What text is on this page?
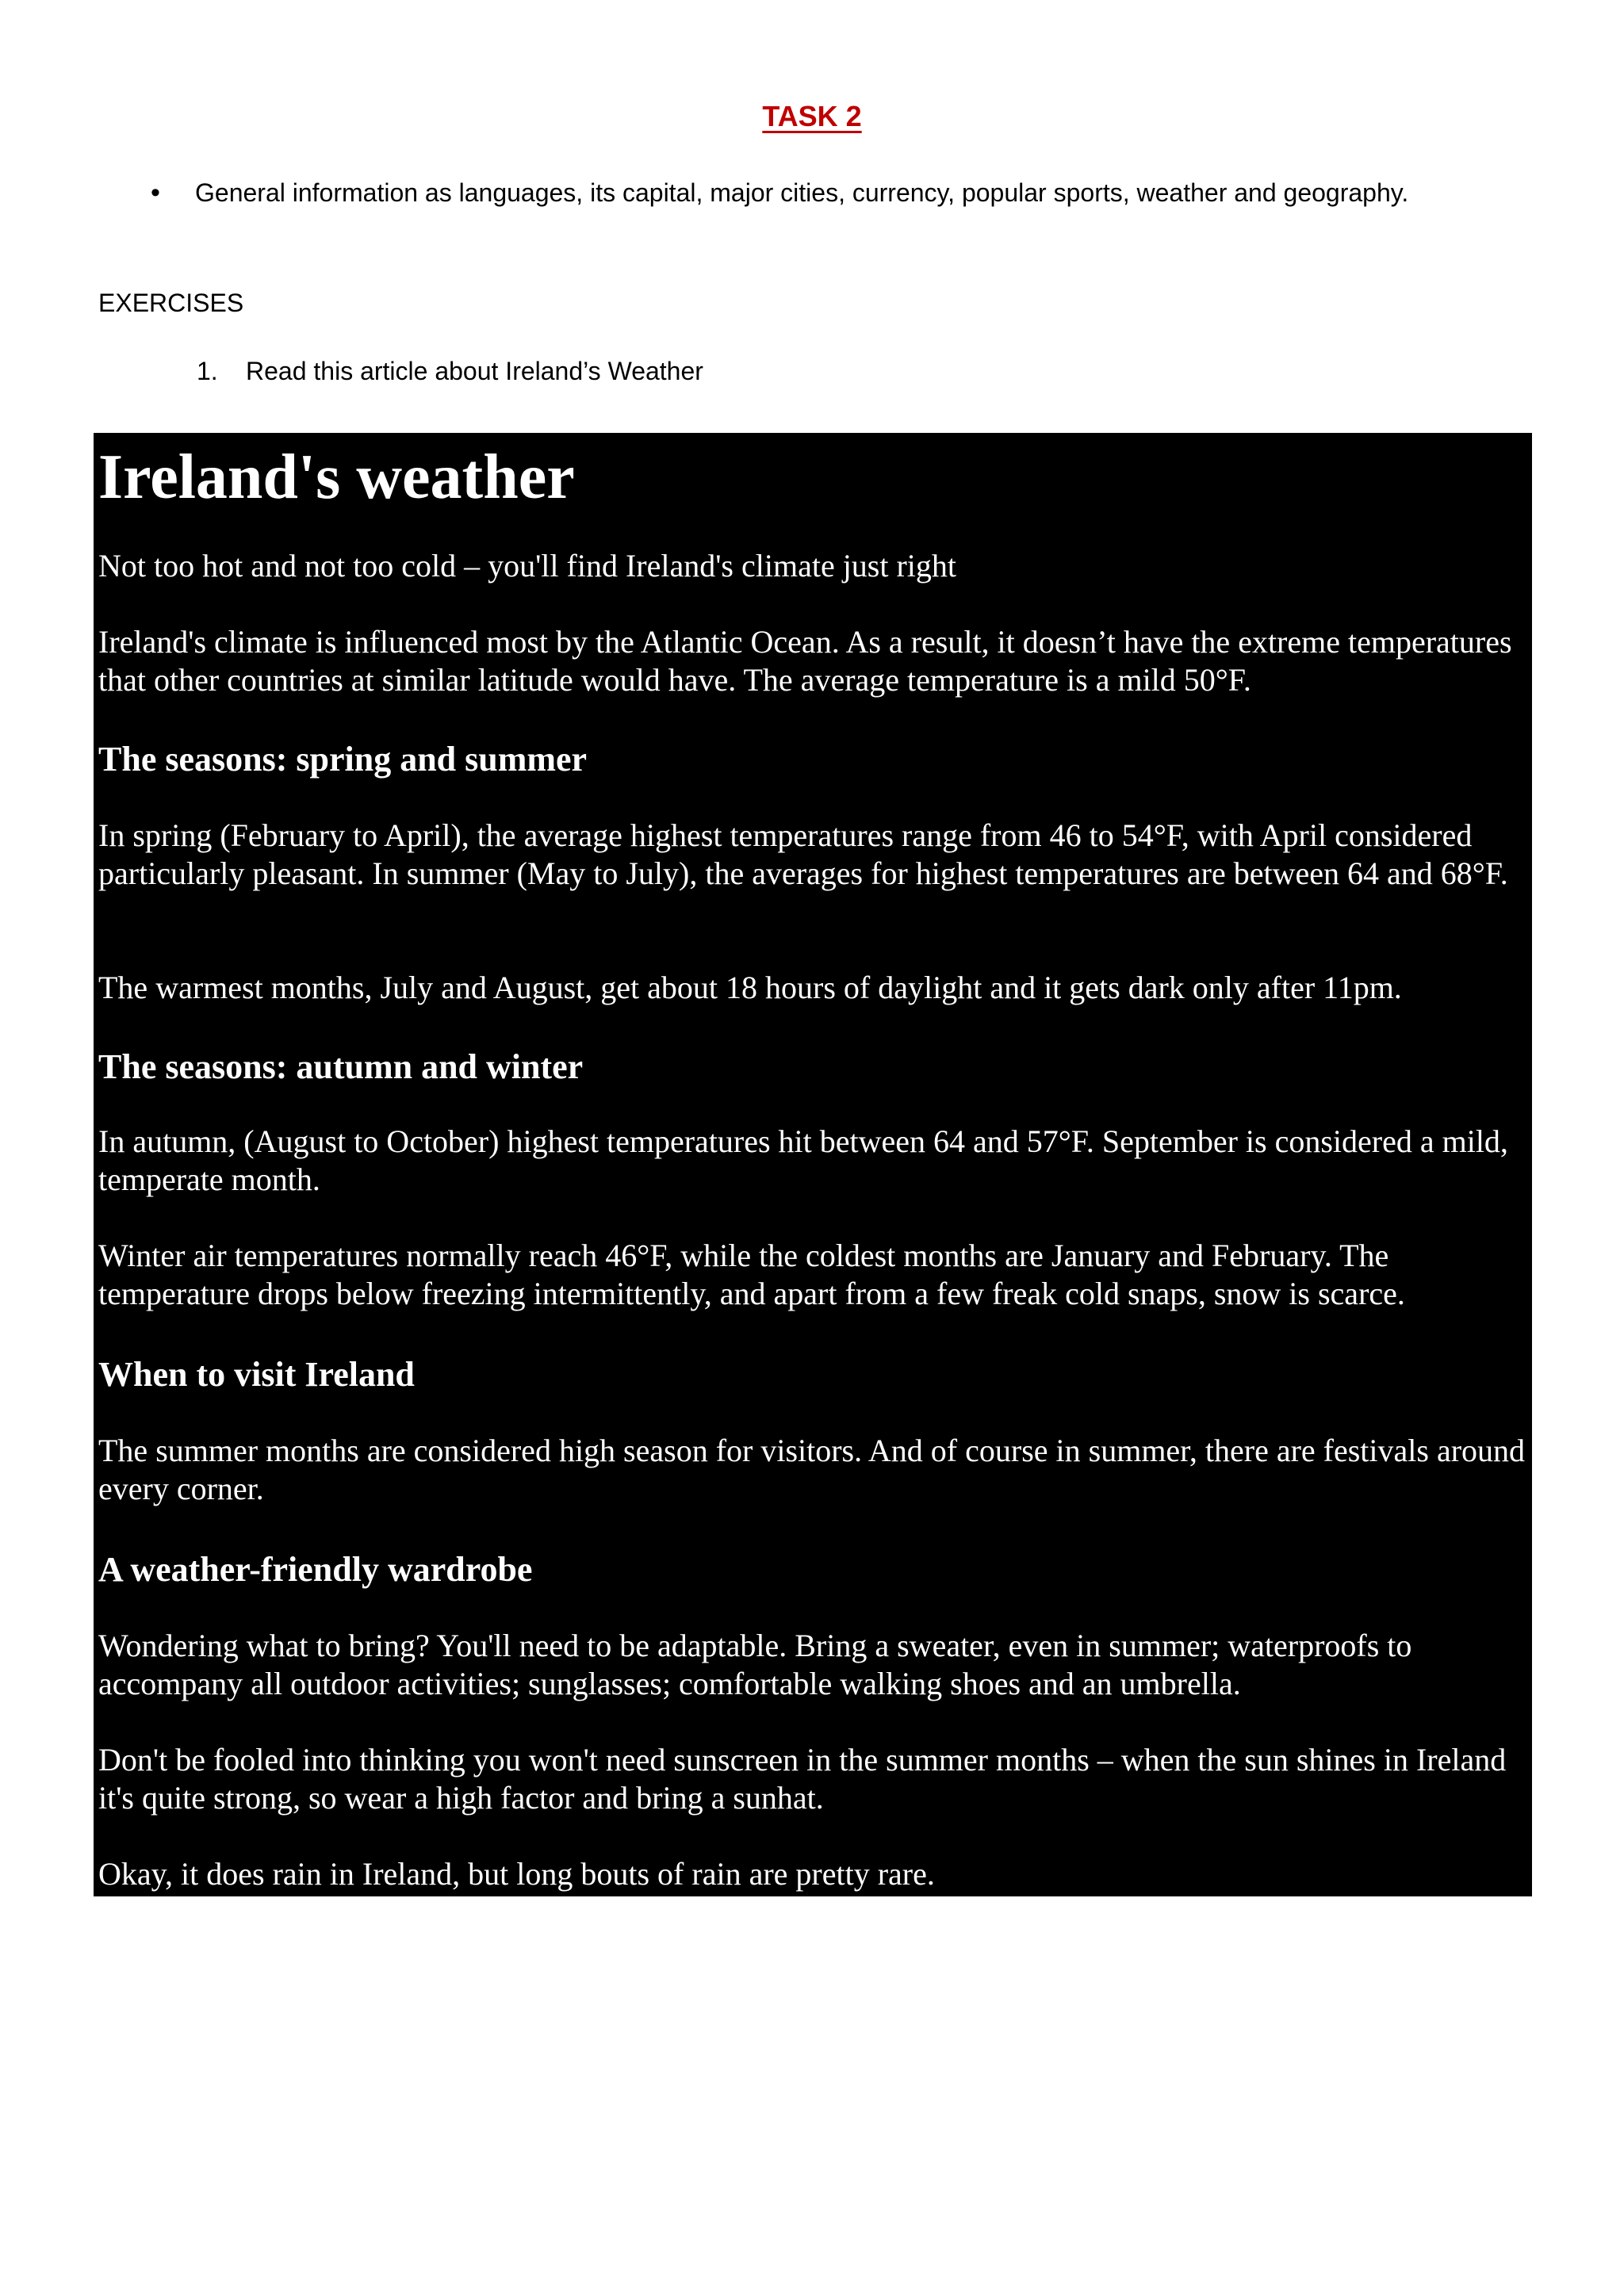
TASK 2
• General information as languages, its capital, major cities, currency, popular sports, weather and geography.

EXERCISES

1. Read this article about Ireland’s Weather

Ireland's weather

Not too hot and not too cold – you'll find Ireland's climate just right

Ireland's climate is influenced most by the Atlantic Ocean. As a result, it doesn’t have the extreme temperatures that other countries at similar latitude would have. The average temperature is a mild 50°F.

The seasons: spring and summer

In spring (February to April), the average highest temperatures range from 46 to 54°F, with April considered particularly pleasant. In summer (May to July), the averages for highest temperatures are between 64 and 68°F.

The warmest months, July and August, get about 18 hours of daylight and it gets dark only after 11pm.

The seasons: autumn and winter

In autumn, (August to October) highest temperatures hit between 64 and 57°F. September is considered a mild, temperate month.

Winter air temperatures normally reach 46°F, while the coldest months are January and February. The temperature drops below freezing intermittently, and apart from a few freak cold snaps, snow is scarce.

When to visit Ireland

The summer months are considered high season for visitors. And of course in summer, there are festivals around every corner.

A weather-friendly wardrobe

Wondering what to bring? You'll need to be adaptable. Bring a sweater, even in summer; waterproofs to accompany all outdoor activities; sunglasses; comfortable walking shoes and an umbrella.

Don't be fooled into thinking you won't need sunscreen in the summer months – when the sun shines in Ireland it's quite strong, so wear a high factor and bring a sunhat.

Okay, it does rain in Ireland, but long bouts of rain are pretty rare.
